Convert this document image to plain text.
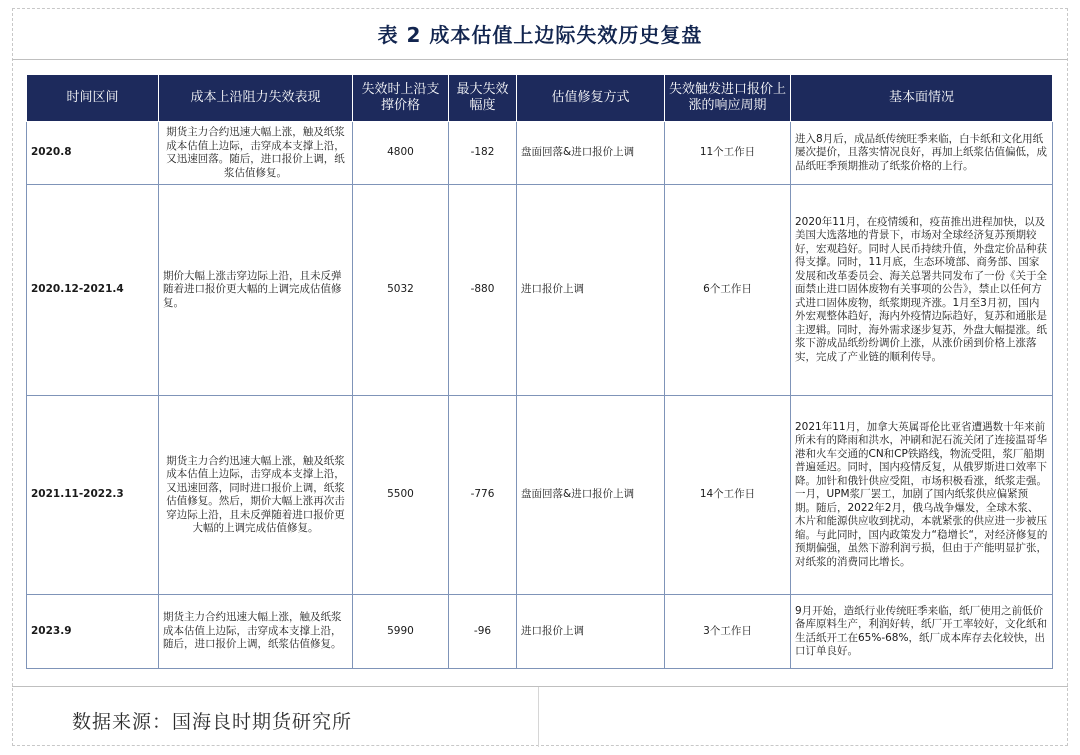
表 2 成本估值上边际失效历史复盘
时间区间	成本上沿阻力失效表现	失效时上沿支撑价格	最大失效幅度	估值修复方式	失效触发进口报价上涨的响应周期	基本面情况
2020.8	期货主力合约迅速大幅上涨，触及纸浆成本估值上边际，击穿成本支撑上沿，又迅速回落。随后，进口报价上调，纸浆估值修复。	4800	-182	盘面回落&进口报价上调	11个工作日	进入8月后，成品纸传统旺季来临，白卡纸和文化用纸屡次提价，且落实情况良好，再加上纸浆估值偏低，成品纸旺季预期推动了纸浆价格的上行。
2020.12-2021.4	期价大幅上涨击穿边际上沿，且未反弹随着进口报价更大幅的上调完成估值修复。	5032	-880	进口报价上调	6个工作日	2020年11月，在疫情缓和，疫苗推出进程加快，以及美国大选落地的背景下，市场对全球经济复苏预期较好，宏观趋好。同时人民币持续升值，外盘定价品种获得支撑。同时，11月底，生态环境部、商务部、国家发展和改革委员会、海关总署共同发布了一份《关于全面禁止进口固体废物有关事项的公告》，禁止以任何方式进口固体废物，纸浆期现齐涨。1月至3月初，国内外宏观整体趋好，海内外疫情边际趋好，复苏和通胀是主逻辑。同时，海外需求逐步复苏，外盘大幅提涨。纸浆下游成品纸纷纷调价上涨，从涨价函到价格上涨落实，完成了产业链的顺利传导。
2021.11-2022.3	期货主力合约迅速大幅上涨，触及纸浆成本估值上边际，击穿成本支撑上沿，又迅速回落，同时进口报价上调，纸浆估值修复。然后，期价大幅上涨再次击穿边际上沿，且未反弹随着进口报价更大幅的上调完成估值修复。	5500	-776	盘面回落&进口报价上调	14个工作日	2021年11月，加拿大英属哥伦比亚省遭遇数十年来前所未有的降雨和洪水，冲刷和泥石流关闭了连接温哥华港和火车交通的CN和CP铁路线，物流受阻，浆厂船期普遍延迟。同时，国内疫情反复，从俄罗斯进口效率下降。加针和俄针供应受阻，市场积极看涨，纸浆走强。一月，UPM浆厂罢工，加剧了国内纸浆供应偏紧预期。随后，2022年2月，俄乌战争爆发，全球木浆、木片和能源供应收到扰动，本就紧张的供应进一步被压缩。与此同时，国内政策发力“稳增长“，对经济修复的预期偏强，虽然下游利润亏损，但由于产能明显扩张，对纸浆的消费同比增长。
2023.9	期货主力合约迅速大幅上涨，触及纸浆成本估值上边际，击穿成本支撑上沿，随后，进口报价上调，纸浆估值修复。	5990	-96	进口报价上调	3个工作日	9月开始，造纸行业传统旺季来临，纸厂使用之前低价备库原料生产，利润好转，纸厂开工率较好，文化纸和生活纸开工在65%-68%，纸厂成本库存去化较快，出口订单良好。
数据来源：国海良时期货研究所
